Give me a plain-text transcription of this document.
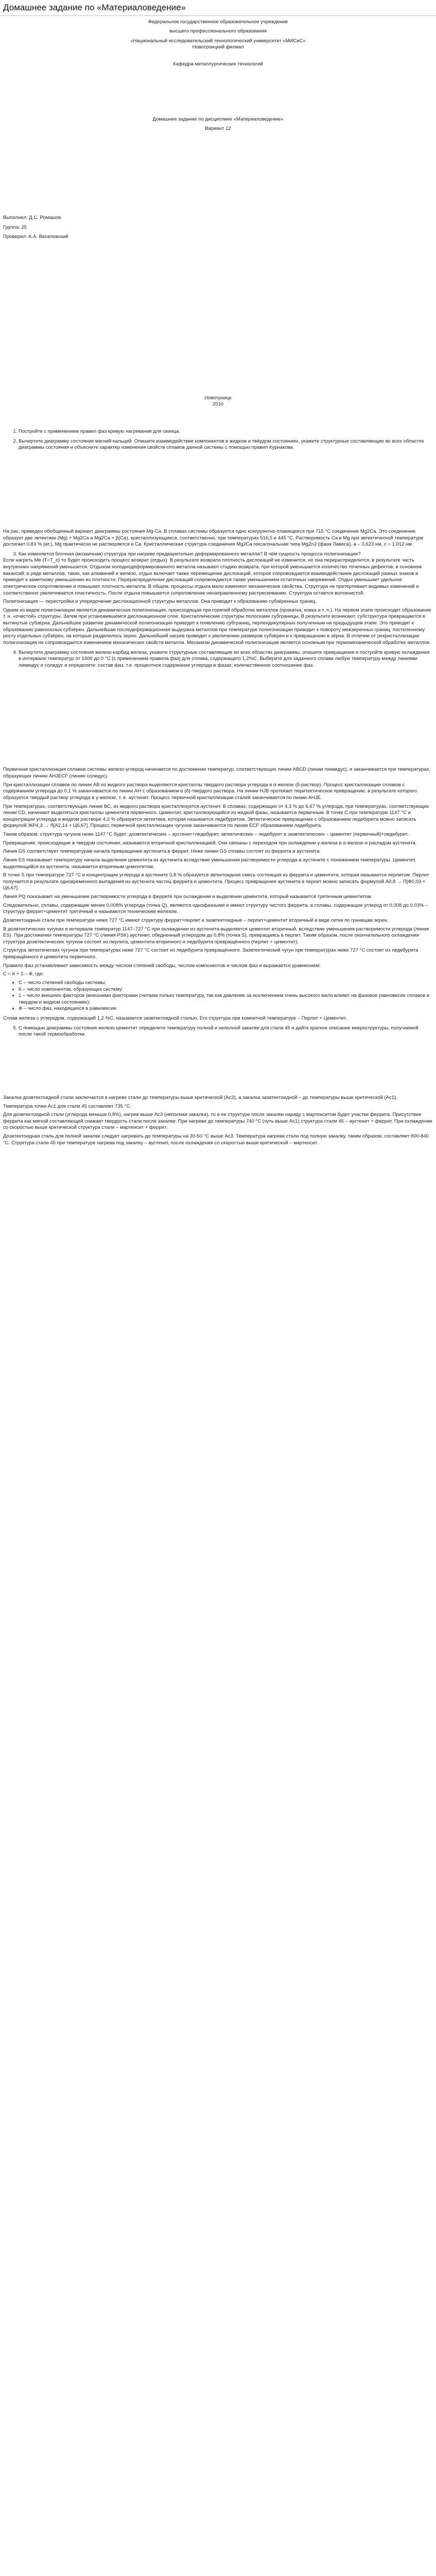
Домашнее задание по «Материаловедение»

Федеральное государственное образовательное учреждение

высшего профессионального образования

«Национальный исследовательский технологический университет «МИСиС»

Новотроицкий филиал

Кафедра металлургических технологий

Домашнее задание по дисциплине «Материаловедение»

Вариант 12

Выполнил: Д.С. Ромашов

Группа: 25

Проверил: А.А. Веселовский

Новотроицк

2010

1. Постройте с применением правил фаз кривую нагревания для свинца.
2. Вычертите диаграмму состояния магний-кальций. Опишите взаимодействие компонентов в жидком и твёрдом состояниях, укажите структурные составляющие во всех областях диаграммы состояния и объясните характер изменения свойств сплавов данной системы с помощью правил Курнакова.

На рис. приведен обобщенный вариант диаграммы состояния Mg-Ca. В сплавах системы образуется одно конгруэнтно-плавящееся при 715 °С соединение Mg2Ca. Это соединение образует две эвтектики (Mg) + Mg2Ca и Mg2Ca + β(Ca), кристаллизующиеся, соответственно, при температурах 516,5 и 445 °С. Растворимость Ca в Mg при эвтектической температуре достигает 0,83 % (ат.). Mg практически не растворяется в Ca. Кристаллическая структура соединения Mg2Ca гексагональная типа MgZn2 (фаза Лавеса), а – 0,623 нм, с = 1,012 нм.

3. Как изменяется блочная (мозаичная) структура при нагреве предварительно деформированного металла? В чём сущность процесса полигонизации?

Если нагреть Me (T=T_п) то будет происходить процесс возврат (отдых). В результате возврата плотность дислокаций не изменится, но она перераспределится, в результате часть внутренних напряжений уменьшится. Отдыхом холоднодеформированного металла называют стадию возврата, при которой уменьшается количество точечных дефектов, в основном вакансий; в ряде металлов, таких, как алюминий и железо, отдых включает также перемещение дислокаций, которое сопровождается взаимодействием дислокаций разных знаков и приводит к заметному уменьшению их плотности. Перераспределение дислокаций сопровождается также уменьшением остаточных напряжений. Отдых уменьшает удельное электрическое сопротивление и повышает плотность металла. В общем, процессы отдыха мало изменяют механические свойства. Структура не претерпевает видимых изменений и соответственно увеличивается пластичность. После отдыха повышается сопротивление ненаправленному растрескиванию. Структура остается волокнистой.

Полигонизация — перестройка и упорядочение дислокационной структуры металлов. Она приводит к образованию субзёренных границ.

Одним из видов полигонизации является динамическая полигонизация, происходящая при горячей обработке металлов (прокатка, ковка и т. п.). На первом этапе происходит образование т. н. «очистой» структуры. Затем при установившемся дислокационном слое. Кристаллические структуры полосками субграницы. В результате возникают, субструктура превращается в вытянутые субзёрна. Дальнейшее развитие динамической полигонизации приводит к появлению субграниц, перпендикулярных полученным на предыдущем этапе. Это приводит к образованию равноосных субзёрен. Дальнейшая последеформационная выдержка металлов при температуре полигонизации приводит к повороту межзеренных границ, постепенному росту отдельных субзёрен, на которые разделилось зерно. Дальнейший нагрев приводит к увеличению размеров субзёрен и к превращению в зёрна. В отличие от рекристаллизации полигонизация не сопровождается изменением механических свойств металла. Механизм динамической полигонизации является основным при термомеханической обработке металлов.

4. Вычертите диаграмму состояния железо-карбид железа, укажите структурные составляющие во всех областях диаграммы, опишите превращения и постройте кривую охлаждения в интервале температур от 1600 до 0 °С (с применением правила фаз) для сплава, содержащего 1,2%С. Выберите для заданного сплава любую температуру между линиями ликвидус и солидус и определите: состав фаз, т.е. процентное содержание углерода в фазах; количественное соотношение фаз.

Первичная кристаллизация сплавов системы железо-углерод начинается по достижении температур, соответствующих линии ABCD (линии ликвидус), и заканчивается при температурах, образующих линию AHJECF (линию солидус).

При кристаллизации сплавов по линии АВ из жидкого раствора выделяются кристаллы твердого раствора углерода в α-железе (δ-раствор). Процесс кристаллизации сплавов с содержанием углерода до 0,1 % заканчивается по линии АН с образованием α (δ)-твердого раствора. На линии НJВ протекает перитектическое превращение, в результате которого образуется твердый раствор углерода в γ-железе, т. е. аустенит. Процесс первичной кристаллизации сталей заканчивается по линии AHJE.

При температурах, соответствующих линии ВС, из жидкого раствора кристаллизуется аустенит. В сплавах, содержащих от 4,3 % до 6,67 % углерода, при температурах, соответствующих линии CD, начинают выделяться кристаллы цементита первичного. Цементит, кристаллизующийся из жидкой фазы, называется первичным. В точке С при температуре 1147 °С и концентрации углерода в жидком растворе 4,3 % образуется эвтектика, которая называется ледебуритом. Эвтектическое превращение с образованием ледебурита можно записать формулой ЖР4,3 → Л[А2,14 + Ц6,67]. Процесс первичной кристаллизации чугунов заканчивается по линии ECF образованием ледебурита.

Таким образом, структура чугунов ниже 1147 °С будет: доэвтектических – аустенит+ледебурит, эвтектических – ледебурит и заэвтектических – цементит (первичный)+ледебурит.

Превращения, происходящие в твердом состоянии, называются вторичной кристаллизацией. Они связаны с переходом при охлаждении γ-железа в α-железо и распадом аустенита.

Линия GS соответствует температурам начала превращения аустенита в феррит. Ниже линии GS сплавы состоят из феррита и аустенита.

Линия ES показывает температуру начала выделения цементита из аустенита вследствие уменьшения растворимости углерода в аустените с понижением температуры. Цементит, выделяющийся из аустенита, называется вторичным цементитом.

В точке S при температуре 727 °С и концентрации углерода в аустените 0,8 % образуется эвтектоидная смесь состоящая из феррита и цементита, которая называется перлитом. Перлит получается в результате одновременного выпадения из аустенита частиц феррита и цементита. Процесс превращения аустенита в перлит можно записать формулой А0,8 → П[Ф0,03 + Ц6,67].

Линия PQ показывает на уменьшение растворимости углерода в феррите при охлаждении и выделении цементита, который называется третичным цементитом.

Следовательно, сплавы, содержащие менее 0,008% углерода (точка Q), являются однофазными и имеют структуру чистого феррита, а сплавы, содержащие углерод от 0,008 до 0,03% – структуру феррит+цементит третичный и называются техническим железом.

Доэвтектоидные стали при температуре ниже 727 °С имеют структуру феррит+перлит и заэвтектоидные – перлит+цементит вторичный в виде сетки по границам зерен.

В доэвтектических чугунах в интервале температур 1147–727 °С при охлаждении из аустенита выделяется цементит вторичный, вследствие уменьшения растворимости углерода (линия ES). При достижении температуры 727 °С (линия PSK) аустенит, обедненный углеродом до 0,8% (точка S), превращаясь в перлит. Таким образом, после окончательного охлаждения структура доэвтектических чугунов состоит из перлита, цементита вторичного и ледебурита превращённого (перлит + цементит).

Структура эвтектических чугунов при температурах ниже 727 °С состоит из ледебурита превращённого. Заэвтектический чугун при температурах ниже 727 °С состоит из ледебурита превращённого и цементита первичного.

Правило фаз устанавливает зависимость между числом степеней свободы, числом компонентов и числом фаз и выражается уравнением:

С = К + 1 – Ф, где:

• С – число степеней свободы системы;
• К – число компонентов, образующих систему;
• 1 – число внешних факторов (внешними факторами считаем только температуру, так как давление за исключением очень высокого мало влияет на фазовое равновесие сплавов в твердом и жидком состояниях);
• Ф – число фаз, находящихся в равновесии.

Сплав железа с углеродом, содержащий 1,2 %С, называется заэвтектоидной сталью. Его структура при комнатной температуре – Перлит + Цементит.

5. С помощью диаграммы состояния железо-цементит определите температуру полной и неполной закалки для стали 45 и дайте краткое описание микроструктуры, получаемой после такой термообработки.

Закалка доэвтектоидной стали заключается в нагреве стали до температуры выше критической (Ас3), а закалка заэвтектоидной – до температуры выше критической (Ас1).

Температура точки Ас1 для стали 45 составляет 735 °С.

Для доэвтектоидной стали (углерода меньше 0,8%), нагрев выше Ас3 (неполная закалка), то в ее структуре после закалки наряду с мартенситом будет участки феррита. Присутствие феррита как мягкой составляющей снижает твердость стали после закалки. При нагреве до температуры 740 °С (чуть выше Ас1) структура стали 45 – аустенит + феррит. При охлаждении со скоростью выше критической структура стали – мартенсит + феррит.

Доэвтектоидная сталь для полной закалки следует нагревать до температуры на 30-50 °С выше Ас3. Температура нагрева стали под полную закалку, таким образом, составляет 800-840 °С. Структура стали 45 при температуре нагрева под закалку – аустенит, после охлаждения со скоростью выше критической – мартенсит.
